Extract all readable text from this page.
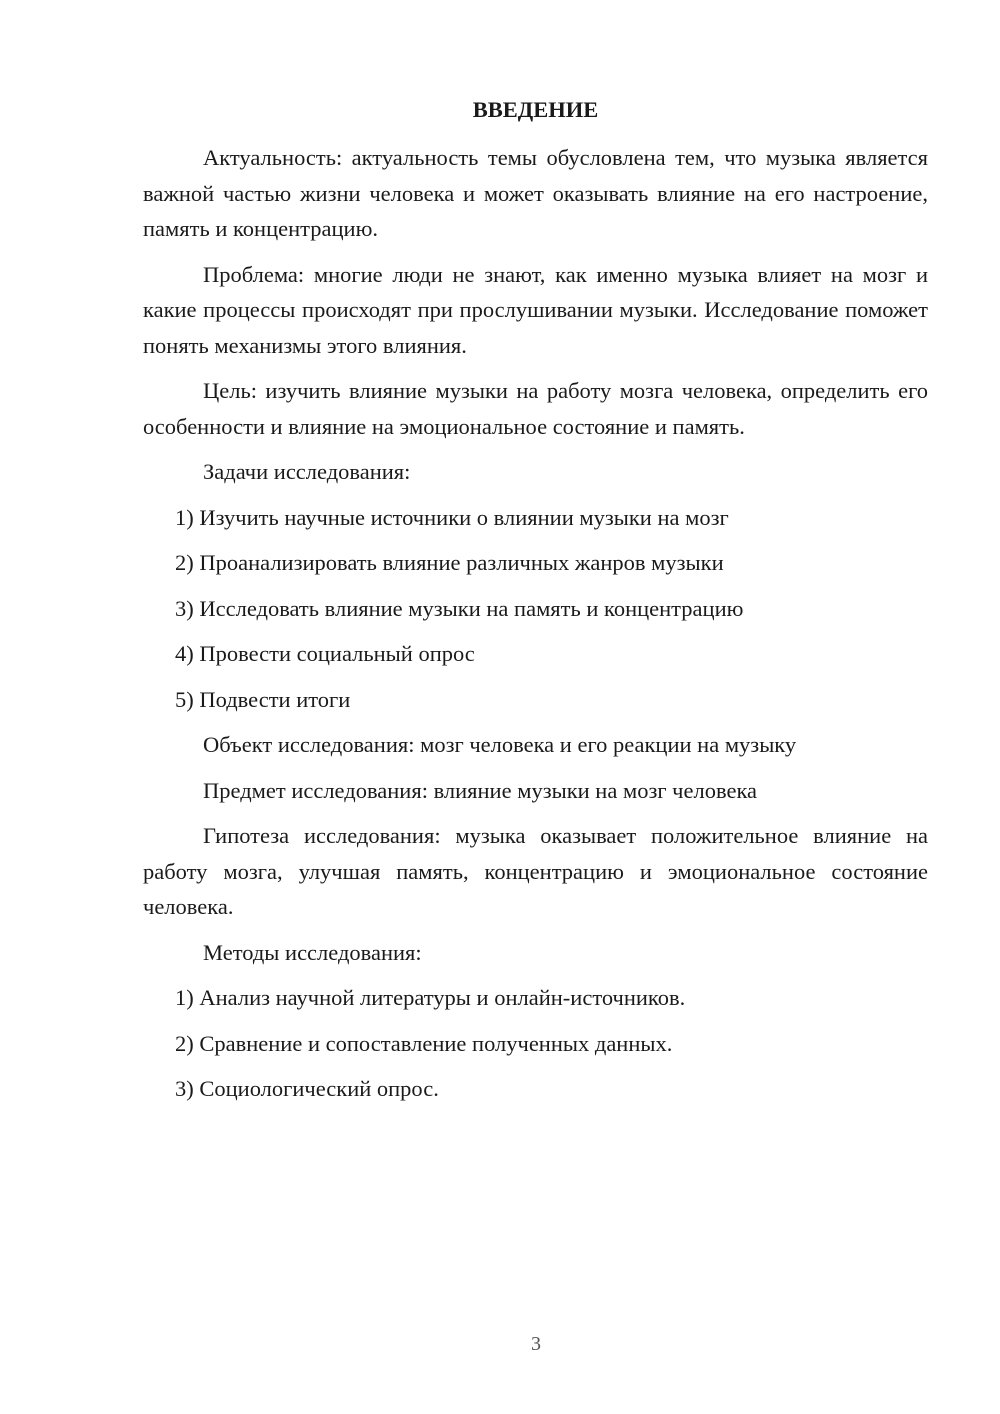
ВВЕДЕНИЕ

Актуальность: актуальность темы обусловлена тем, что музыка является важной частью жизни человека и может оказывать влияние на его настроение, память и концентрацию.

Проблема: многие люди не знают, как именно музыка влияет на мозг и какие процессы происходят при прослушивании музыки. Исследование поможет понять механизмы этого влияния.

Цель: изучить влияние музыки на работу мозга человека, определить его особенности и влияние на эмоциональное состояние и память.

Задачи исследования:

1) Изучить научные источники о влиянии музыки на мозг

2) Проанализировать влияние различных жанров музыки

3) Исследовать влияние музыки на память и концентрацию

4) Провести социальный опрос

5) Подвести итоги

Объект исследования: мозг человека и его реакции на музыку

Предмет исследования: влияние музыки на мозг человека

Гипотеза исследования: музыка оказывает положительное влияние на работу мозга, улучшая память, концентрацию и эмоциональное состояние человека.

Методы исследования:

1) Анализ научной литературы и онлайн-источников.

2) Сравнение и сопоставление полученных данных.

3) Социологический опрос.

3
